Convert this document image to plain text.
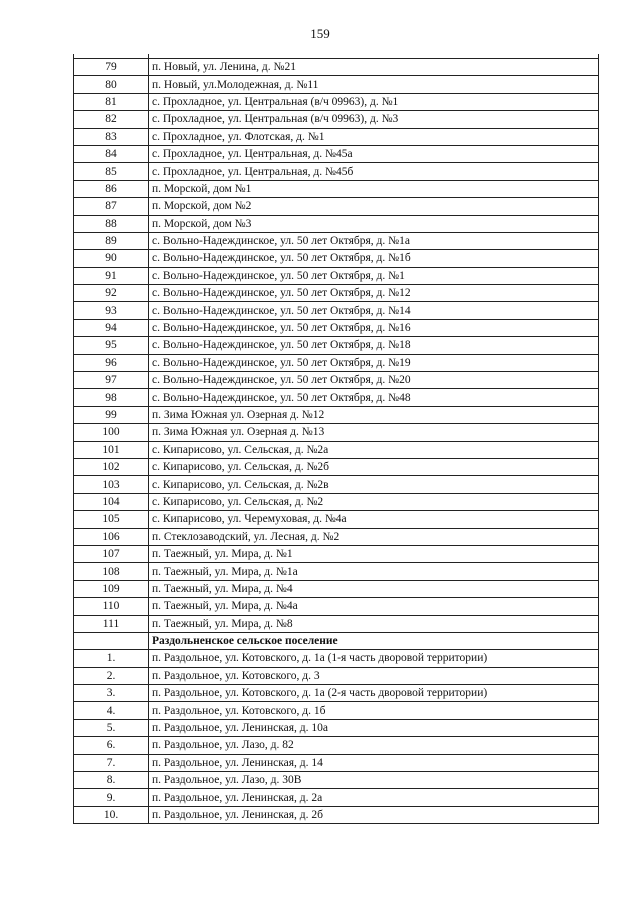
159

79	п. Новый, ул. Ленина, д. №21
80	п. Новый, ул.Молодежная, д. №11
81	с. Прохладное, ул. Центральная (в/ч 09963), д. №1
82	с. Прохладное, ул. Центральная (в/ч 09963), д. №3
83	с. Прохладное, ул. Флотская, д. №1
84	с. Прохладное, ул. Центральная, д. №45а
85	с. Прохладное, ул. Центральная, д. №45б
86	п. Морской, дом №1
87	п. Морской, дом №2
88	п. Морской, дом №3
89	с. Вольно-Надеждинское, ул. 50 лет Октября, д. №1а
90	с. Вольно-Надеждинское, ул. 50 лет Октября, д. №1б
91	с. Вольно-Надеждинское, ул. 50 лет Октября, д. №1
92	с. Вольно-Надеждинское, ул. 50 лет Октября, д. №12
93	с. Вольно-Надеждинское, ул. 50 лет Октября, д. №14
94	с. Вольно-Надеждинское, ул. 50 лет Октября, д. №16
95	с. Вольно-Надеждинское, ул. 50 лет Октября, д. №18
96	с. Вольно-Надеждинское, ул. 50 лет Октября, д. №19
97	с. Вольно-Надеждинское, ул. 50 лет Октября, д. №20
98	с. Вольно-Надеждинское, ул. 50 лет Октября, д. №48
99	п. Зима Южная ул. Озерная д. №12
100	п. Зима Южная ул. Озерная д. №13
101	с. Кипарисово, ул. Сельская, д. №2а
102	с. Кипарисово, ул. Сельская, д. №2б
103	с. Кипарисово, ул. Сельская, д. №2в
104	с. Кипарисово, ул. Сельская, д. №2
105	с. Кипарисово, ул. Черемуховая, д. №4а
106	п. Стеклозаводский, ул. Лесная, д. №2
107	п. Таежный, ул. Мира, д. №1
108	п. Таежный, ул. Мира, д. №1а
109	п. Таежный, ул. Мира, д. №4
110	п. Таежный, ул. Мира, д. №4а
111	п. Таежный, ул. Мира, д. №8
	Раздольненское сельское поселение
1.	п. Раздольное, ул. Котовского, д. 1а (1-я часть дворовой территории)
2.	п. Раздольное, ул. Котовского, д. 3
3.	п. Раздольное, ул. Котовского, д. 1а (2-я часть дворовой территории)
4.	п. Раздольное, ул. Котовского, д. 1б
5.	п. Раздольное, ул. Ленинская, д. 10а
6.	п. Раздольное, ул. Лазо, д. 82
7.	п. Раздольное, ул. Ленинская, д. 14
8.	п. Раздольное, ул. Лазо, д. 30В
9.	п. Раздольное, ул. Ленинская, д. 2а
10.	п. Раздольное, ул. Ленинская, д. 2б
